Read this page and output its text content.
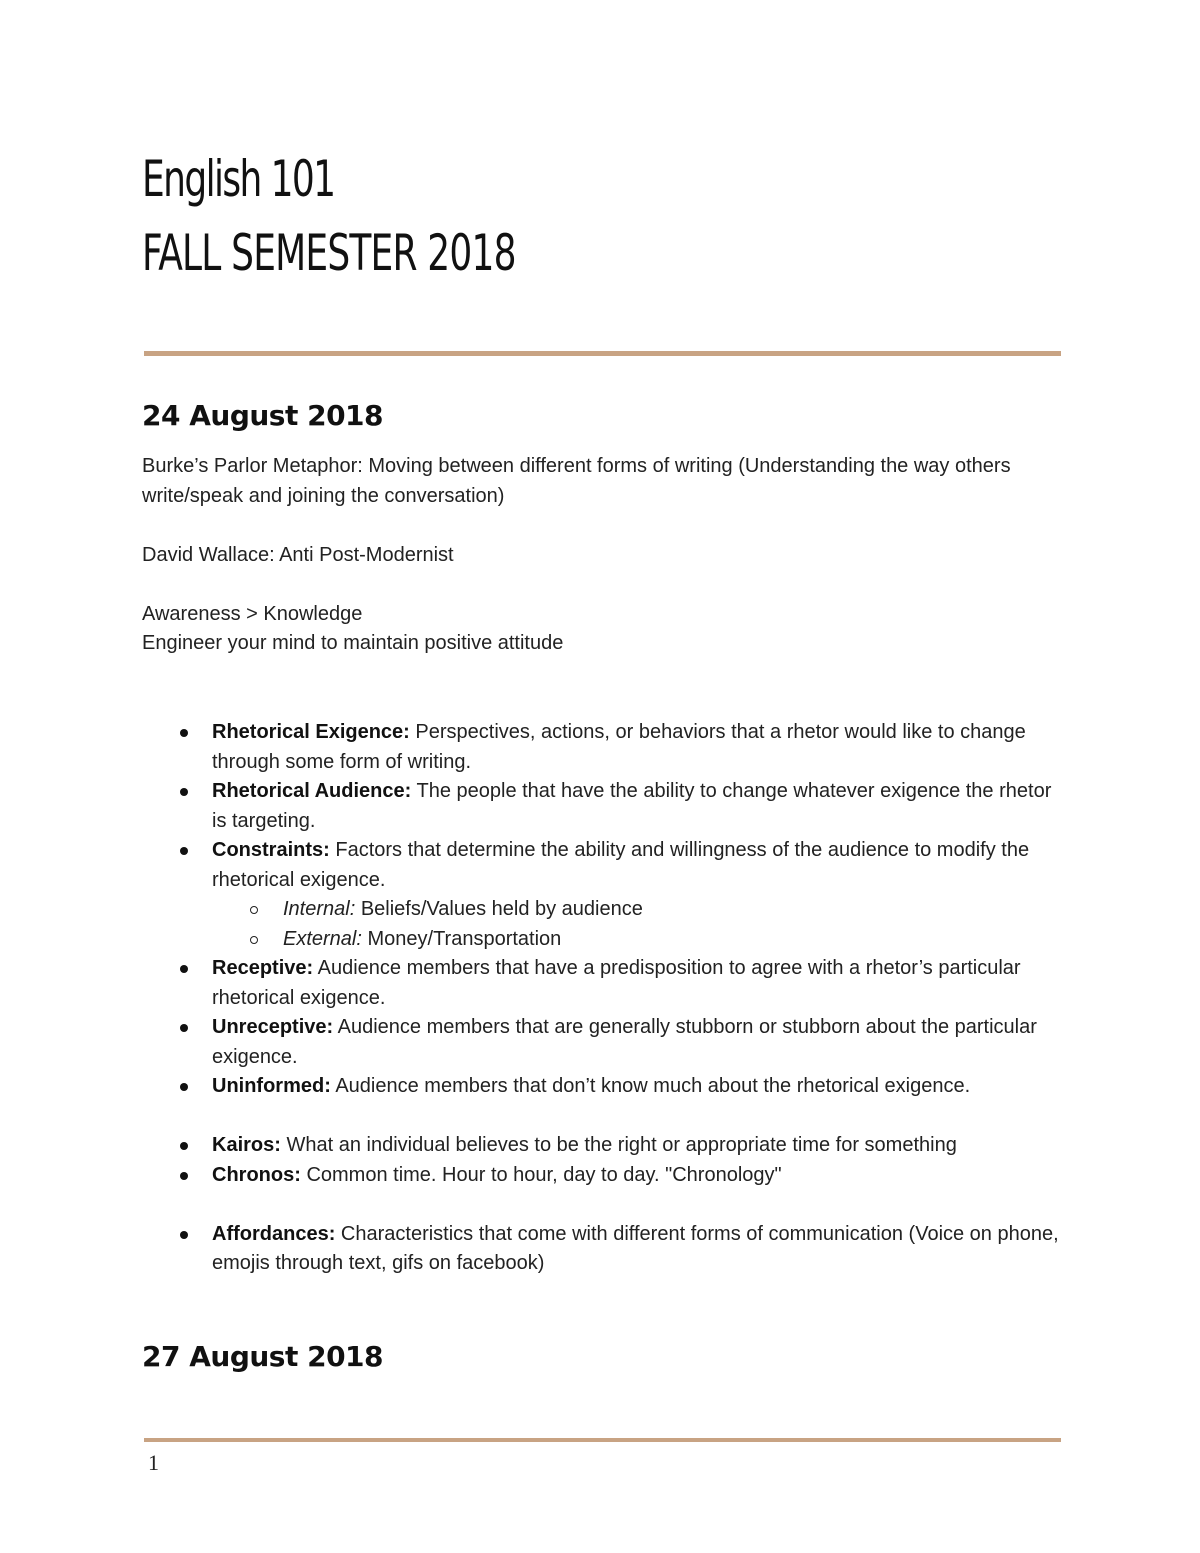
English 101
FALL SEMESTER 2018
24 August 2018

Burke’s Parlor Metaphor: Moving between different forms of writing (Understanding the way others write/speak and joining the conversation)

David Wallace: Anti Post-Modernist

Awareness > Knowledge

Engineer your mind to maintain positive attitude

Rhetorical Exigence: Perspectives, actions, or behaviors that a rhetor would like to change through some form of writing.
Rhetorical Audience: The people that have the ability to change whatever exigence the rhetor is targeting.
Constraints: Factors that determine the ability and willingness of the audience to modify the rhetorical exigence.
Internal: Beliefs/Values held by audience
External: Money/Transportation
Receptive: Audience members that have a predisposition to agree with a rhetor’s particular rhetorical exigence.
Unreceptive: Audience members that are generally stubborn or stubborn about the particular exigence.
Uninformed: Audience members that don’t know much about the rhetorical exigence.
Kairos: What an individual believes to be the right or appropriate time for something
Chronos: Common time. Hour to hour, day to day. "Chronology"
Affordances: Characteristics that come with different forms of communication (Voice on phone, emojis through text, gifs on facebook)
27 August 2018
1
